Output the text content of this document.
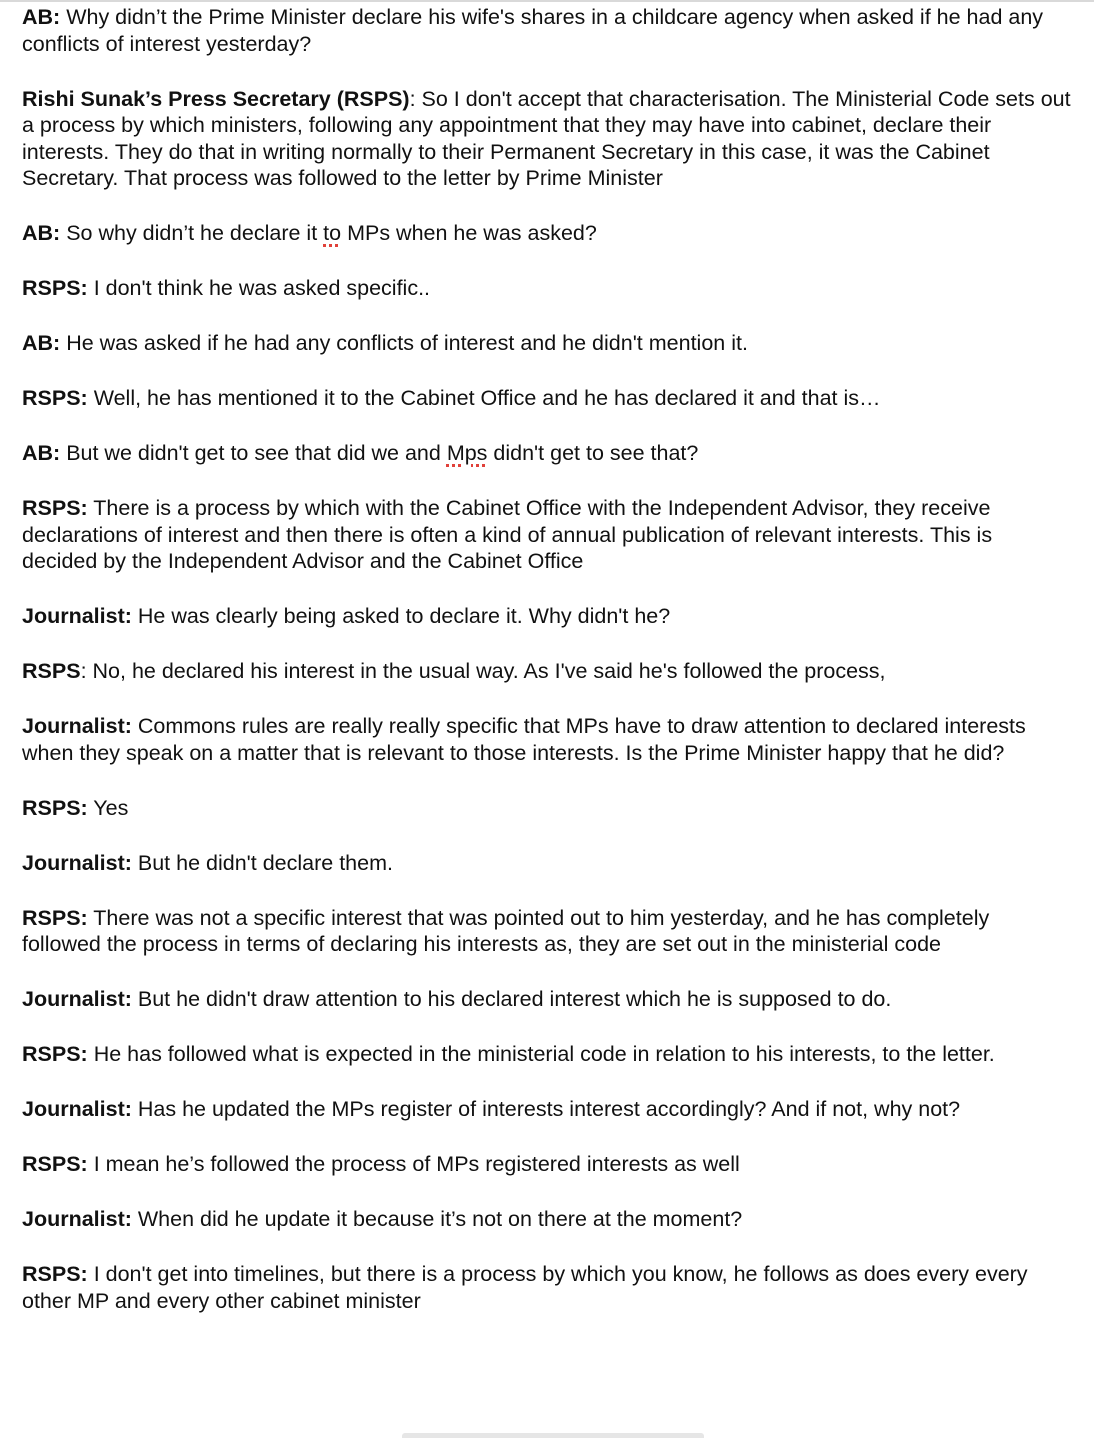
AB: Why didn’t the Prime Minister declare his wife's shares in a childcare agency when asked if he had any conflicts of interest yesterday?

Rishi Sunak’s Press Secretary (RSPS): So I don't accept that characterisation. The Ministerial Code sets out a process by which ministers, following any appointment that they may have into cabinet, declare their interests. They do that in writing normally to their Permanent Secretary in this case, it was the Cabinet Secretary. That process was followed to the letter by Prime Minister

AB: So why didn’t he declare it to MPs when he was asked?

RSPS: I don't think he was asked specific..

AB: He was asked if he had any conflicts of interest and he didn't mention it.

RSPS: Well, he has mentioned it to the Cabinet Office and he has declared it and that is…

AB: But we didn't get to see that did we and Mps didn't get to see that?

RSPS: There is a process by which with the Cabinet Office with the Independent Advisor, they receive declarations of interest and then there is often a kind of annual publication of relevant interests. This is decided by the Independent Advisor and the Cabinet Office

Journalist: He was clearly being asked to declare it. Why didn't he?

RSPS: No, he declared his interest in the usual way. As I've said he's followed the process,

Journalist: Commons rules are really really specific that MPs have to draw attention to declared interests when they speak on a matter that is relevant to those interests. Is the Prime Minister happy that he did?

RSPS: Yes

Journalist: But he didn't declare them.

RSPS: There was not a specific interest that was pointed out to him yesterday, and he has completely followed the process in terms of declaring his interests as, they are set out in the ministerial code

Journalist: But he didn't draw attention to his declared interest which he is supposed to do.

RSPS: He has followed what is expected in the ministerial code in relation to his interests, to the letter.

Journalist: Has he updated the MPs register of interests interest accordingly? And if not, why not?

RSPS: I mean he’s followed the process of MPs registered interests as well

Journalist: When did he update it because it’s not on there at the moment?

RSPS: I don't get into timelines, but there is a process by which you know, he follows as does every every other MP and every other cabinet minister
